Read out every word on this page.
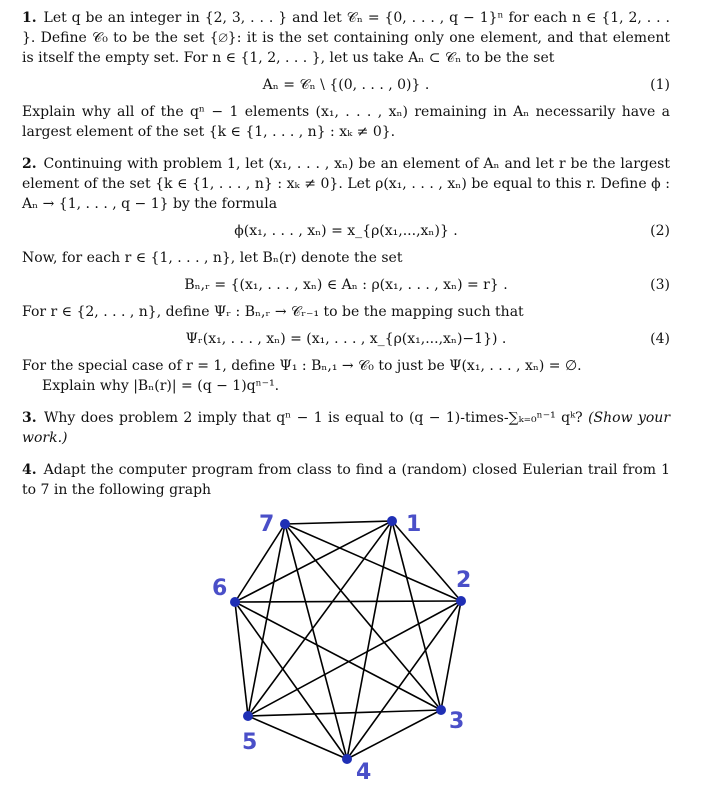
1. Let q be an integer in {2, 3, . . . } and let 𝒞ₙ = {0, . . . , q − 1}ⁿ for each n ∈ {1, 2, . . . }. Define 𝒞₀ to be the set {∅}: it is the set containing only one element, and that element is itself the empty set. For n ∈ {1, 2, . . . }, let us take Aₙ ⊂ 𝒞ₙ to be the set

Aₙ = 𝒞ₙ \ {(0, . . . , 0)} .	(1)

Explain why all of the qⁿ − 1 elements (x₁, . . . , xₙ) remaining in Aₙ necessarily have a largest element of the set {k ∈ {1, . . . , n} : xₖ ≠ 0}.

2. Continuing with problem 1, let (x₁, . . . , xₙ) be an element of Aₙ and let r be the largest element of the set {k ∈ {1, . . . , n} : xₖ ≠ 0}. Let ρ(x₁, . . . , xₙ) be equal to this r. Define ϕ : Aₙ → {1, . . . , q − 1} by the formula

ϕ(x₁, . . . , xₙ) = x_{ρ(x₁,...,xₙ)} .	(2)

Now, for each r ∈ {1, . . . , n}, let Bₙ(r) denote the set

Bₙ,ᵣ = {(x₁, . . . , xₙ) ∈ Aₙ : ρ(x₁, . . . , xₙ) = r} .	(3)

For r ∈ {2, . . . , n}, define Ψᵣ : Bₙ,ᵣ → 𝒞ᵣ₋₁ to be the mapping such that

Ψᵣ(x₁, . . . , xₙ) = (x₁, . . . , x_{ρ(x₁,...,xₙ)−1}) .	(4)

For the special case of r = 1, define Ψ₁ : Bₙ,₁ → 𝒞₀ to just be Ψ(x₁, . . . , xₙ) = ∅.

Explain why |Bₙ(r)| = (q − 1)qⁿ⁻¹.

3. Why does problem 2 imply that qⁿ − 1 is equal to (q − 1)-times-∑ₖ₌₀ⁿ⁻¹ qᵏ? (Show your work.)

4. Adapt the computer program from class to find a (random) closed Eulerian trail from 1 to 7 in the following graph

1
2
3
4
5
6
7
